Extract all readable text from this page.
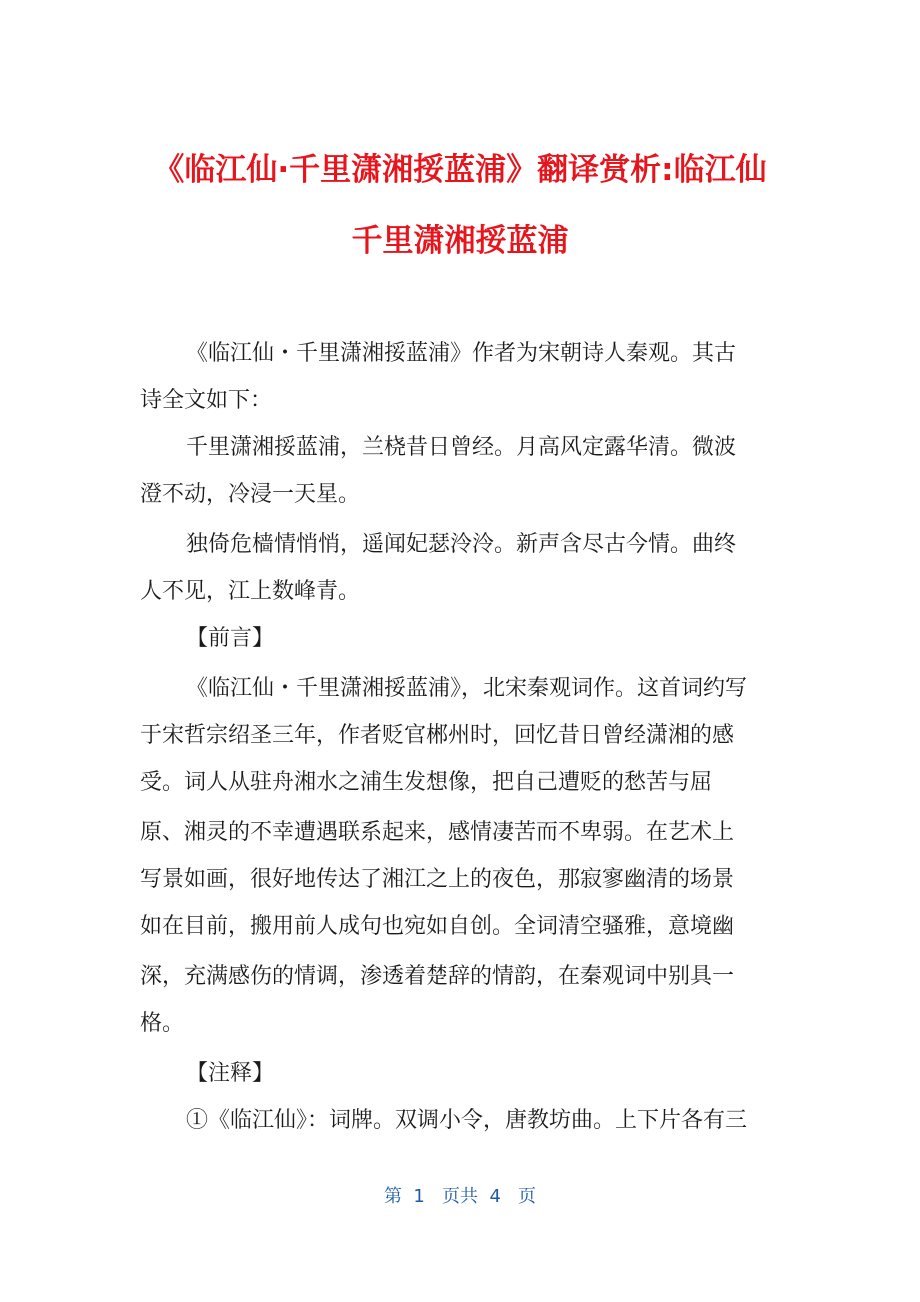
《临江仙·千里潇湘挼蓝浦》翻译赏析:临江仙
千里潇湘挼蓝浦
《临江仙・千里潇湘挼蓝浦》作者为宋朝诗人秦观。其古
诗全文如下：
千里潇湘挼蓝浦，兰桡昔日曾经。月高风定露华清。微波
澄不动，冷浸一天星。
独倚危樯情悄悄，遥闻妃瑟泠泠。新声含尽古今情。曲终
人不见，江上数峰青。
【前言】
《临江仙・千里潇湘挼蓝浦》，北宋秦观词作。这首词约写
于宋哲宗绍圣三年，作者贬官郴州时，回忆昔日曾经潇湘的感
受。词人从驻舟湘水之浦生发想像，把自己遭贬的愁苦与屈
原、湘灵的不幸遭遇联系起来，感情凄苦而不卑弱。在艺术上
写景如画，很好地传达了湘江之上的夜色，那寂寥幽清的场景
如在目前，搬用前人成句也宛如自创。全词清空骚雅，意境幽
深，充满感伤的情调，渗透着楚辞的情韵，在秦观词中别具一
格。
【注释】
①《临江仙》：词牌。双调小令，唐教坊曲。上下片各有三
第  1   页共  4   页
